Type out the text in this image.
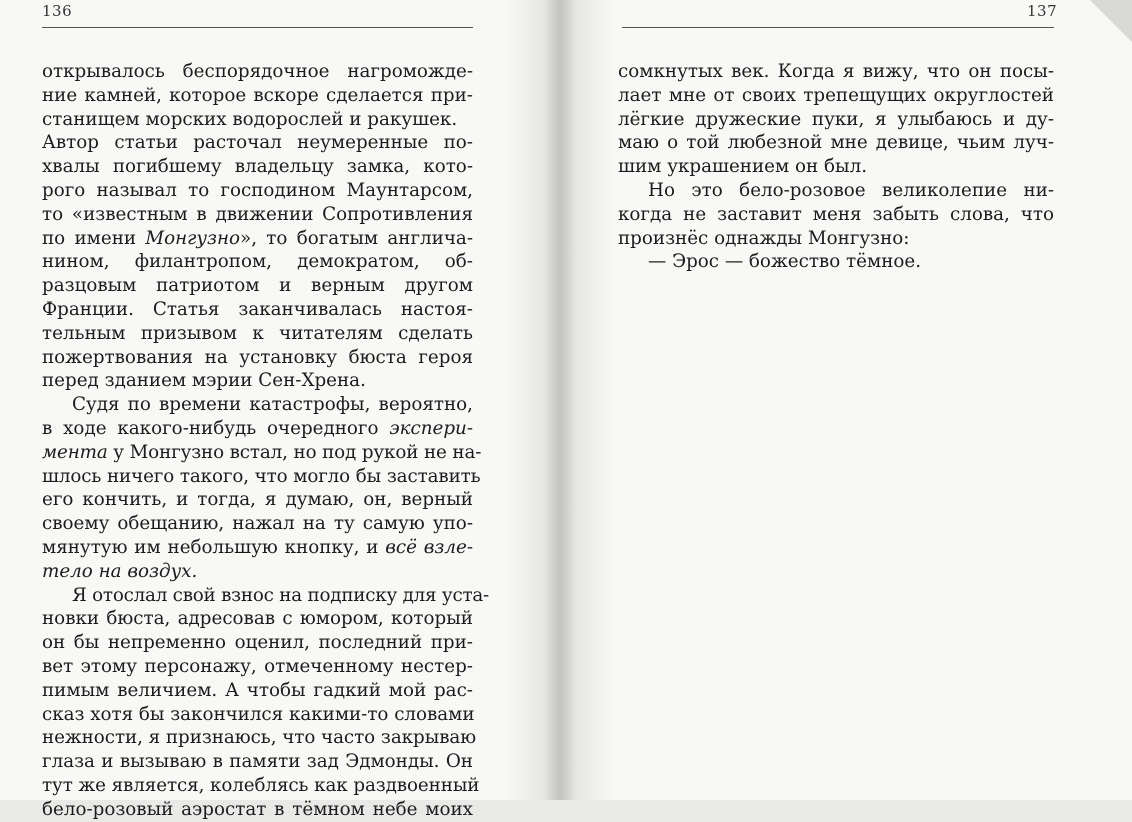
136
открывалось беспорядочное нагроможде-
ние камней, которое вскоре сделается при-
станищем морских водорослей и ракушек.
Автор статьи расточал неумеренные по-
хвалы погибшему владельцу замка, кото-
рого называл то господином Маунтарсом,
то «известным в движении Сопротивления
по имени Монгузно», то богатым англича-
нином, филантропом, демократом, об-
разцовым патриотом и верным другом
Франции. Статья заканчивалась настоя-
тельным призывом к читателям сделать
пожертвования на установку бюста героя
перед зданием мэрии Сен-Хрена.
Судя по времени катастрофы, вероятно,
в ходе какого-нибудь очередного экспери-
мента у Монгузно встал, но под рукой не на-
шлось ничего такого, что могло бы заставить
его кончить, и тогда, я думаю, он, верный
своему обещанию, нажал на ту самую упо-
мянутую им небольшую кнопку, и всё взле-
тело на воздух.
Я отослал свой взнос на подписку для уста-
новки бюста, адресовав с юмором, который
он бы непременно оценил, последний при-
вет этому персонажу, отмеченному нестер-
пимым величием. А чтобы гадкий мой рас-
сказ хотя бы закончился какими-то словами
нежности, я признаюсь, что часто закрываю
глаза и вызываю в памяти зад Эдмонды. Он
тут же является, колеблясь как раздвоенный
бело-розовый аэростат в тёмном небе моих
137
сомкнутых век. Когда я вижу, что он посы-
лает мне от своих трепещущих округлостей
лёгкие дружеские пуки, я улыбаюсь и ду-
маю о той любезной мне девице, чьим луч-
шим украшением он был.
Но это бело-розовое великолепие ни-
когда не заставит меня забыть слова, что
произнёс однажды Монгузно:
— Эрос — божество тёмное.
